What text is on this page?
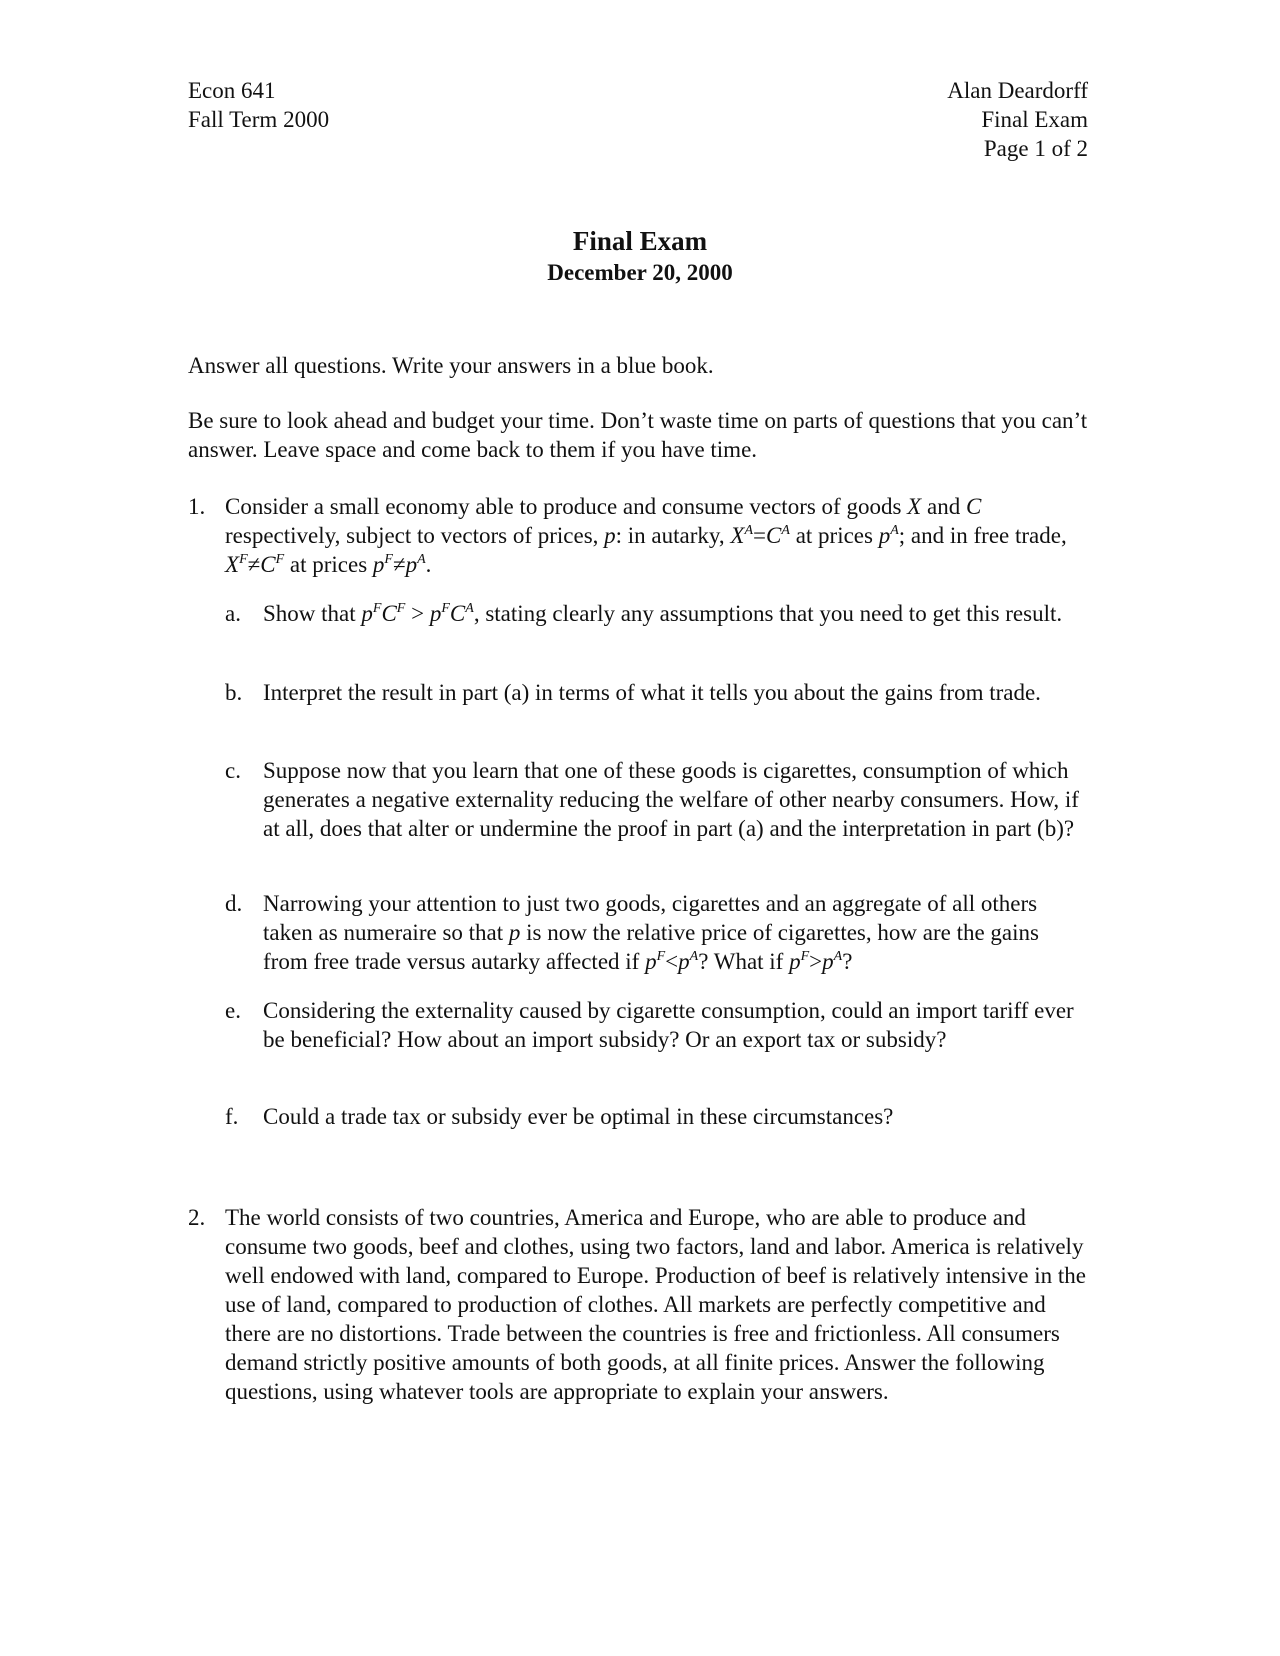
Econ 641
Fall Term 2000
Alan Deardorff
Final Exam
Page 1 of 2
Final Exam
December 20, 2000
Answer all questions. Write your answers in a blue book.
Be sure to look ahead and budget your time. Don’t waste time on parts of questions that you can’t answer. Leave space and come back to them if you have time.
1. Consider a small economy able to produce and consume vectors of goods X and C respectively, subject to vectors of prices, p: in autarky, $X^A=C^A$ at prices $p^A$; and in free trade, $X^F\ne C^F$ at prices $p^F\ne p^A$.
a. Show that $p^FC^F > p^FC^A$, stating clearly any assumptions that you need to get this result.
b. Interpret the result in part (a) in terms of what it tells you about the gains from trade.
c. Suppose now that you learn that one of these goods is cigarettes, consumption of which generates a negative externality reducing the welfare of other nearby consumers. How, if at all, does that alter or undermine the proof in part (a) and the interpretation in part (b)?
d. Narrowing your attention to just two goods, cigarettes and an aggregate of all others taken as numeraire so that p is now the relative price of cigarettes, how are the gains from free trade versus autarky affected if $p^F<p^A$? What if $p^F>p^A$?
e. Considering the externality caused by cigarette consumption, could an import tariff ever be beneficial? How about an import subsidy? Or an export tax or subsidy?
f.	Could a trade tax or subsidy ever be optimal in these circumstances?
2. The world consists of two countries, America and Europe, who are able to produce and consume two goods, beef and clothes, using two factors, land and labor. America is relatively well endowed with land, compared to Europe. Production of beef is relatively intensive in the use of land, compared to production of clothes. All markets are perfectly competitive and there are no distortions. Trade between the countries is free and frictionless. All consumers demand strictly positive amounts of both goods, at all finite prices. Answer the following questions, using whatever tools are appropriate to explain your answers.
